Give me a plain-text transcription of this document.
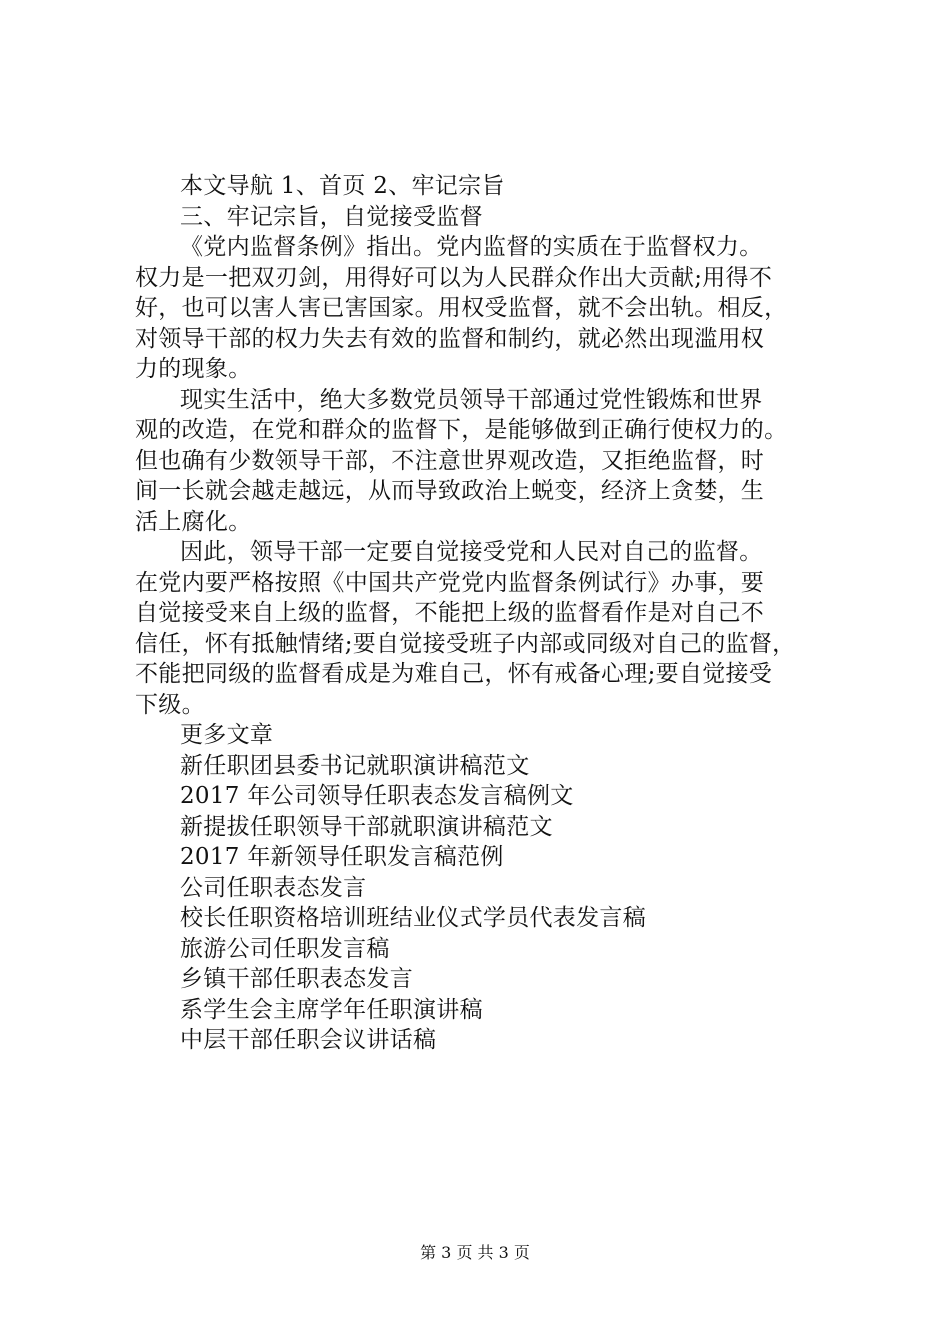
本文导航 1、首页 2、牢记宗旨
三、牢记宗旨，自觉接受监督
《党内监督条例》指出。党内监督的实质在于监督权力。
权力是一把双刃剑，用得好可以为人民群众作出大贡献;用得不
好，也可以害人害已害国家。用权受监督，就不会出轨。相反，
对领导干部的权力失去有效的监督和制约，就必然出现滥用权
力的现象。
现实生活中，绝大多数党员领导干部通过党性锻炼和世界
观的改造，在党和群众的监督下，是能够做到正确行使权力的。
但也确有少数领导干部，不注意世界观改造，又拒绝监督，时
间一长就会越走越远，从而导致政治上蜕变，经济上贪婪，生
活上腐化。
因此，领导干部一定要自觉接受党和人民对自己的监督。
在党内要严格按照《中国共产党党内监督条例试行》办事，要
自觉接受来自上级的监督，不能把上级的监督看作是对自己不
信任，怀有抵触情绪;要自觉接受班子内部或同级对自己的监督，
不能把同级的监督看成是为难自己，怀有戒备心理;要自觉接受
下级。
更多文章
新任职团县委书记就职演讲稿范文
2017 年公司领导任职表态发言稿例文
新提拔任职领导干部就职演讲稿范文
2017 年新领导任职发言稿范例
公司任职表态发言
校长任职资格培训班结业仪式学员代表发言稿
旅游公司任职发言稿
乡镇干部任职表态发言
系学生会主席学年任职演讲稿
中层干部任职会议讲话稿
第 3 页 共 3 页
